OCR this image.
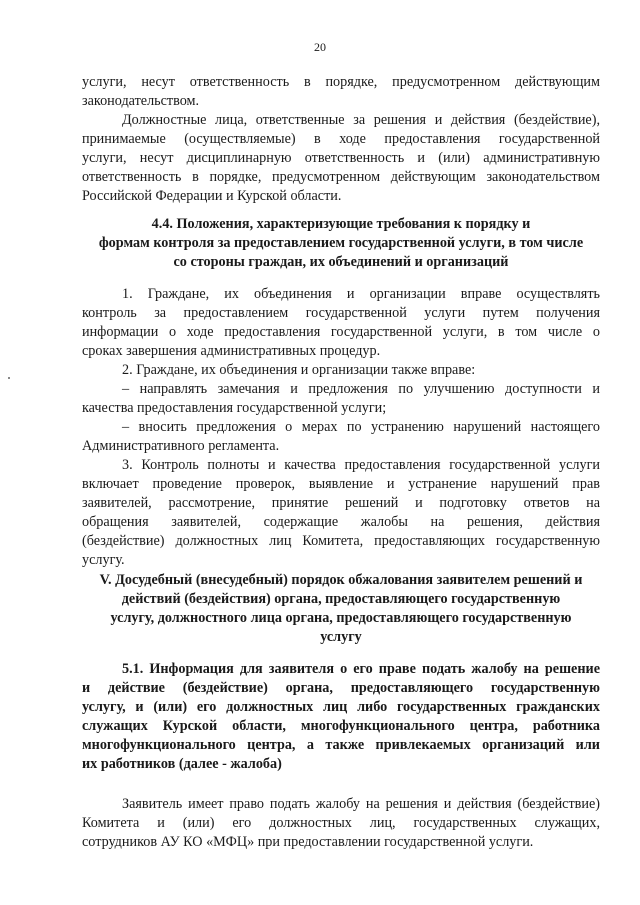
20
услуги, несут ответственность в порядке, предусмотренном действующим
законодательством.
Должностные лица, ответственные за решения и действия (бездействие),
принимаемые (осуществляемые) в ходе предоставления государственной
услуги, несут дисциплинарную ответственность и (или) административную
ответственность в порядке, предусмотренном действующим законодательством
Российской Федерации и Курской области.
4.4. Положения, характеризующие требования к порядку и
формам контроля за предоставлением государственной услуги, в том числе
со стороны граждан, их объединений и организаций
1. Граждане, их объединения и организации вправе осуществлять
контроль за предоставлением государственной услуги путем получения
информации о ходе предоставления государственной услуги, в том числе о
сроках завершения административных процедур.
2. Граждане, их объединения и организации также вправе:
– направлять замечания и предложения по улучшению доступности и
качества предоставления государственной услуги;
– вносить предложения о мерах по устранению нарушений настоящего
Административного регламента.
3. Контроль полноты и качества предоставления государственной услуги
включает проведение проверок, выявление и устранение нарушений прав
заявителей, рассмотрение, принятие решений и подготовку ответов на
обращения заявителей, содержащие жалобы на решения, действия
(бездействие) должностных лиц Комитета, предоставляющих государственную
услугу.
V. Досудебный (внесудебный) порядок обжалования заявителем решений и
действий (бездействия) органа, предоставляющего государственную
услугу, должностного лица органа, предоставляющего государственную
услугу
5.1. Информация для заявителя о его праве подать жалобу на решение
и действие (бездействие) органа, предоставляющего государственную
услугу, и (или) его должностных лиц либо государственных гражданских
служащих Курской области, многофункционального центра, работника
многофункционального центра, а также привлекаемых организаций или
их работников (далее - жалоба)
Заявитель имеет право подать жалобу на решения и действия (бездействие)
Комитета и (или) его должностных лиц, государственных служащих,
сотрудников АУ КО «МФЦ» при предоставлении государственной услуги.
